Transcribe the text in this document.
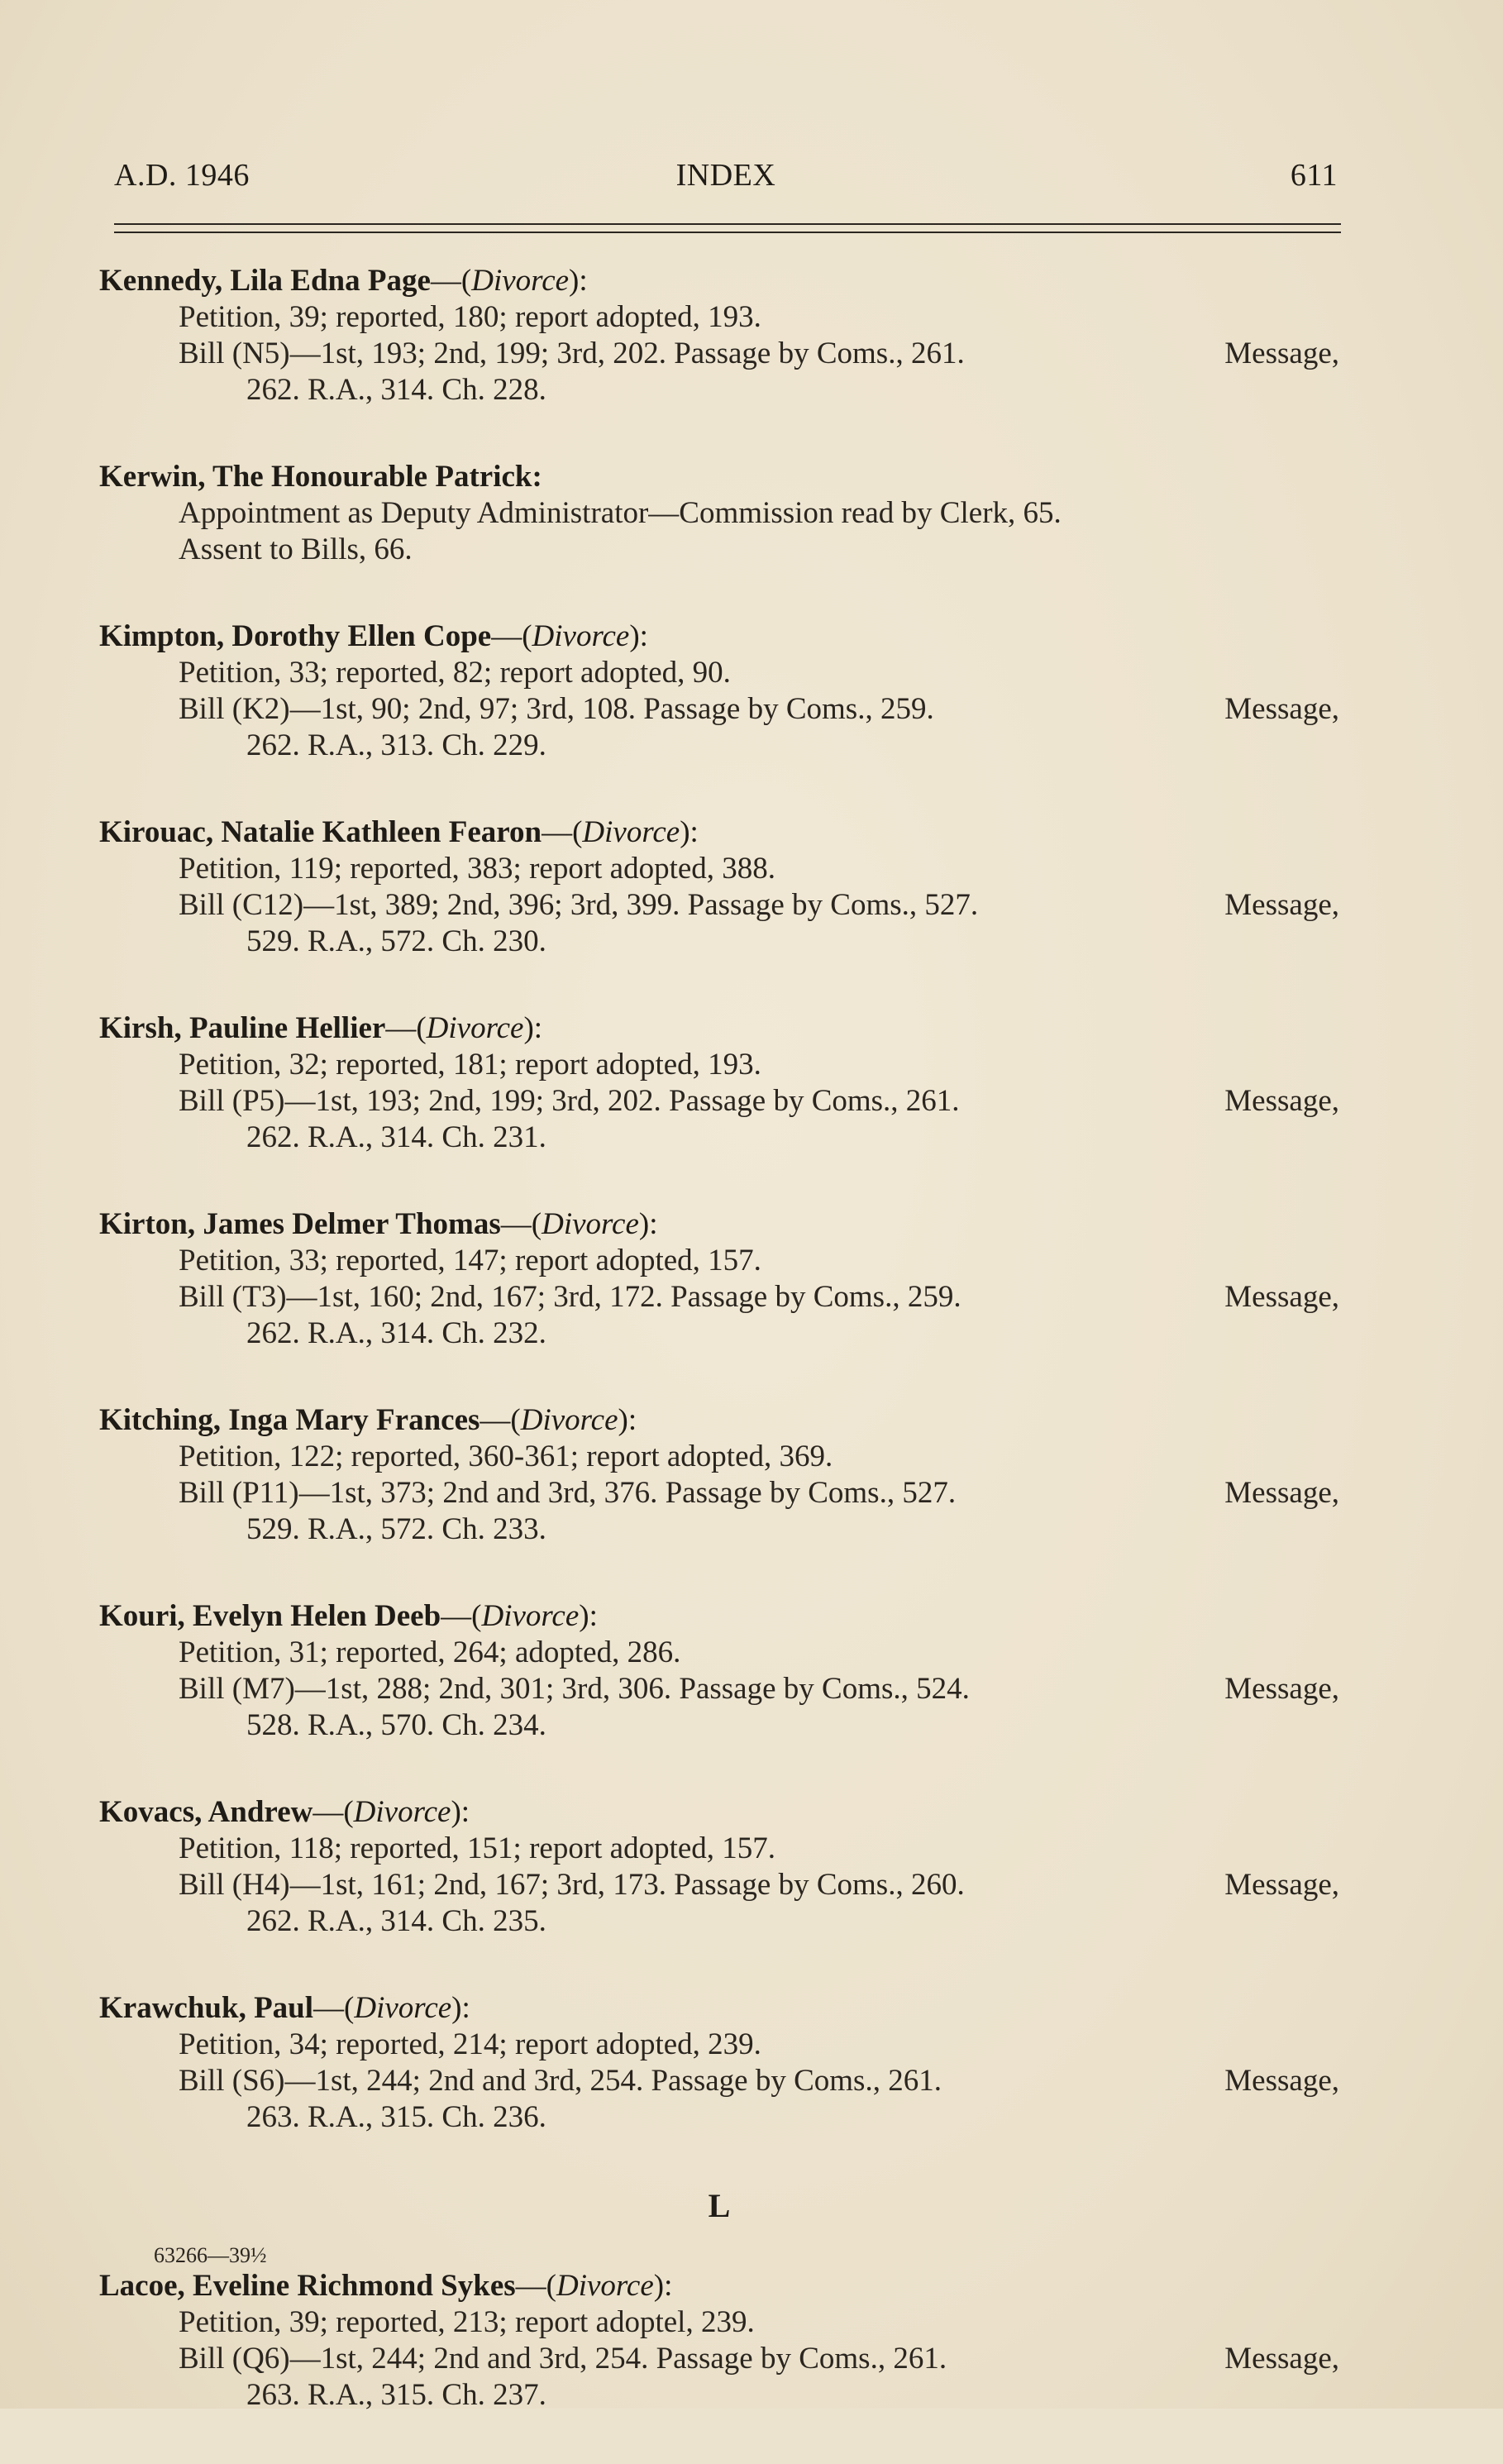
A.D. 1946	INDEX	611
Kennedy, Lila Edna Page—(Divorce):
Petition, 39; reported, 180; report adopted, 193.
Bill (N5)—1st, 193; 2nd, 199; 3rd, 202. Passage by Coms., 261.	Message,
262. R.A., 314. Ch. 228.
Kerwin, The Honourable Patrick:
Appointment as Deputy Administrator—Commission read by Clerk, 65.
Assent to Bills, 66.
Kimpton, Dorothy Ellen Cope—(Divorce):
Petition, 33; reported, 82; report adopted, 90.
Bill (K2)—1st, 90; 2nd, 97; 3rd, 108. Passage by Coms., 259.	Message,
262. R.A., 313. Ch. 229.
Kirouac, Natalie Kathleen Fearon—(Divorce):
Petition, 119; reported, 383; report adopted, 388.
Bill (C12)—1st, 389; 2nd, 396; 3rd, 399. Passage by Coms., 527.	Message,
529. R.A., 572. Ch. 230.
Kirsh, Pauline Hellier—(Divorce):
Petition, 32; reported, 181; report adopted, 193.
Bill (P5)—1st, 193; 2nd, 199; 3rd, 202. Passage by Coms., 261.	Message,
262. R.A., 314. Ch. 231.
Kirton, James Delmer Thomas—(Divorce):
Petition, 33; reported, 147; report adopted, 157.
Bill (T3)—1st, 160; 2nd, 167; 3rd, 172. Passage by Coms., 259.	Message,
262. R.A., 314. Ch. 232.
Kitching, Inga Mary Frances—(Divorce):
Petition, 122; reported, 360-361; report adopted, 369.
Bill (P11)—1st, 373; 2nd and 3rd, 376. Passage by Coms., 527.	Message,
529. R.A., 572. Ch. 233.
Kouri, Evelyn Helen Deeb—(Divorce):
Petition, 31; reported, 264; adopted, 286.
Bill (M7)—1st, 288; 2nd, 301; 3rd, 306. Passage by Coms., 524.	Message,
528. R.A., 570. Ch. 234.
Kovacs, Andrew—(Divorce):
Petition, 118; reported, 151; report adopted, 157.
Bill (H4)—1st, 161; 2nd, 167; 3rd, 173. Passage by Coms., 260.	Message,
262. R.A., 314. Ch. 235.
Krawchuk, Paul—(Divorce):
Petition, 34; reported, 214; report adopted, 239.
Bill (S6)—1st, 244; 2nd and 3rd, 254. Passage by Coms., 261.	Message,
263. R.A., 315. Ch. 236.
L
Lacoe, Eveline Richmond Sykes—(Divorce):
Petition, 39; reported, 213; report adoptel, 239.
Bill (Q6)—1st, 244; 2nd and 3rd, 254. Passage by Coms., 261.	Message,
263. R.A., 315. Ch. 237.
63266—39½
